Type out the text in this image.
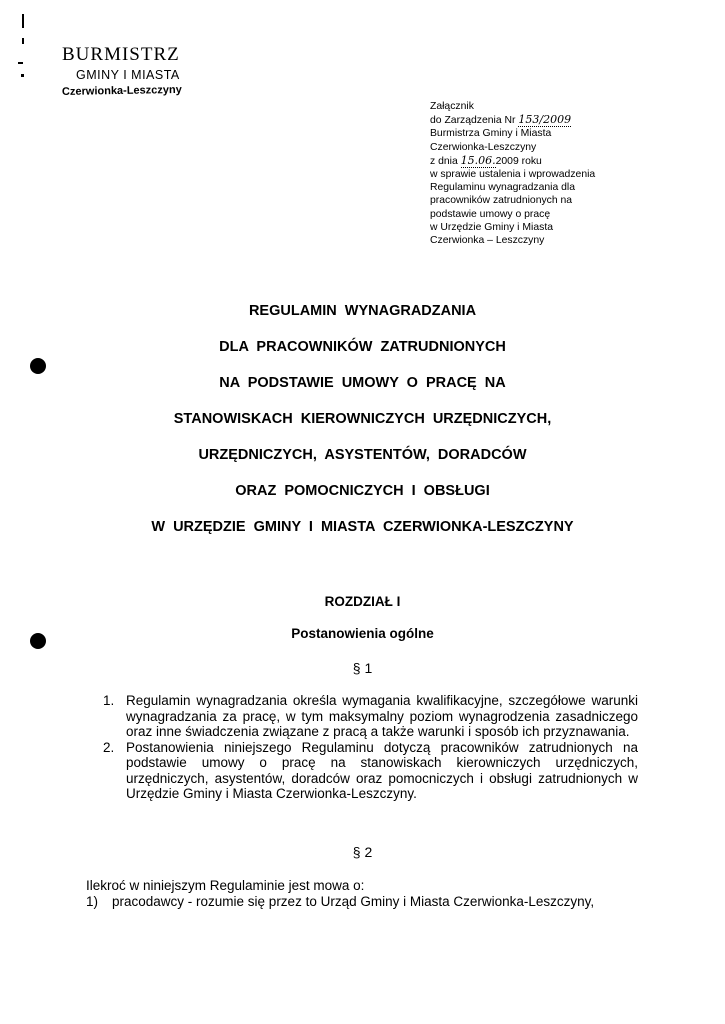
BURMISTRZ
GMINY I MIASTA
Czerwionka-Leszczyny
Załącznik
do Zarządzenia Nr 153/2009
Burmistrza Gminy i Miasta
Czerwionka-Leszczyny
z dnia 15.06.2009 roku
w sprawie ustalenia i wprowadzenia
Regulaminu wynagradzania dla
pracowników zatrudnionych na
podstawie umowy o pracę
w Urzędzie Gminy i Miasta
Czerwionka – Leszczyny
REGULAMIN WYNAGRADZANIA
DLA PRACOWNIKÓW ZATRUDNIONYCH
NA PODSTAWIE UMOWY O PRACĘ NA
STANOWISKACH KIEROWNICZYCH URZĘDNICZYCH,
URZĘDNICZYCH, ASYSTENTÓW, DORADCÓW
ORAZ POMOCNICZYCH I OBSŁUGI
W URZĘDZIE GMINY I MIASTA CZERWIONKA-LESZCZYNY
ROZDZIAŁ I
Postanowienia ogólne
§ 1
1. Regulamin wynagradzania określa wymagania kwalifikacyjne, szczegółowe warunki wynagradzania za pracę, w tym maksymalny poziom wynagrodzenia zasadniczego oraz inne świadczenia związane z pracą a także warunki i sposób ich przyznawania.
2. Postanowienia niniejszego Regulaminu dotyczą pracowników zatrudnionych na podstawie umowy o pracę na stanowiskach kierowniczych urzędniczych, urzędniczych, asystentów, doradców oraz pomocniczych i obsługi zatrudnionych w Urzędzie Gminy i Miasta Czerwionka-Leszczyny.
§ 2
Ilekroć w niniejszym Regulaminie jest mowa o:
1) pracodawcy - rozumie się przez to Urząd Gminy i Miasta Czerwionka-Leszczyny,
